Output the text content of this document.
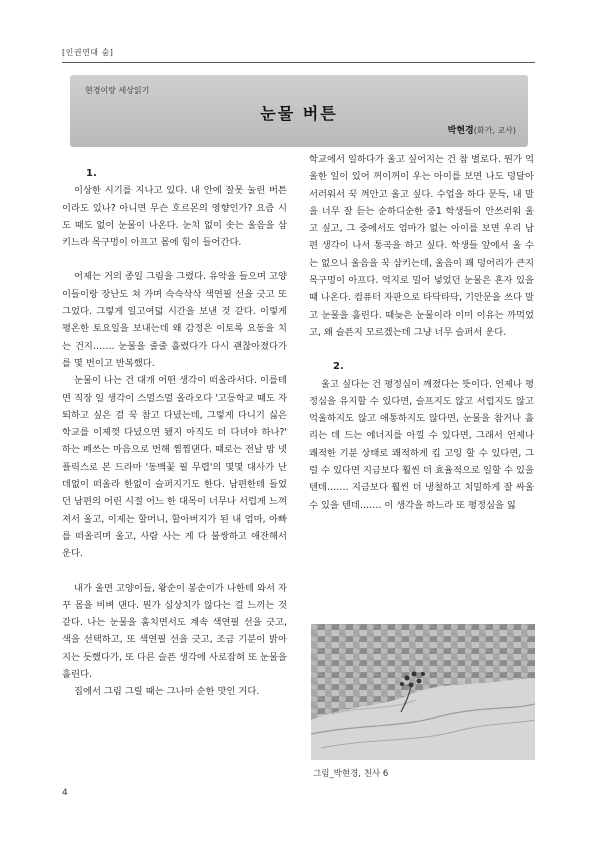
[인권연대 숨]
현경이랑 세상읽기
눈물 버튼
박현경(화가, 교사)

1.

이상한 시기를 지나고 있다. 내 안에 잘못 눌린 버튼이라도 있나? 아니면 무슨 호르몬의 영향인가? 요즘 시도 때도 없이 눈물이 나온다. 눈치 없이 솟는 울음을 삼키느라 목구멍이 아프고 몸에 힘이 들어간다.

어제는 거의 종일 그림을 그렸다. 유악을 들으며 고양이들이랑 장난도 쳐 가며 슥슥삭삭 색연필 선을 긋고 또 그었다. 그렇게 일고여덟 시간을 보낸 것 같다. 이렇게 평온한 토요일을 보내는데 왜 감정은 이토록 요동을 치는 건지……. 눈물을 줄줄 흘렸다가 다시 괜찮아졌다가를 몇 번이고 반복했다.

눈물이 나는 건 대개 어떤 생각이 떠올라서다. 이를테면 직장 일 생각이 스멀스멀 올라오다 '고등학교 때도 자퇴하고 싶은 걸 꾹 참고 다녔는데, 그렇게 다니기 싫은 학교를 이제껏 다녔으면 됐지 아직도 더 다녀야 하나?' 하는 페쓰는 마음으로 번해 찜찜댄다. 때로는 전날 밤 넷플릭스로 본 드라마 '동백꽃 필 무렵'의 몇몇 대사가 난데없이 떠올라 한없이 슬퍼지기도 한다. 남편한테 들었던 남편의 어린 시절 어느 한 대목이 너무나 서럽게 느껴져서 울고, 이제는 할머니, 할아버지가 된 내 엄마, 아빠를 떠올리며 울고, 사람 사는 게 다 불쌍하고 애잔해서 운다.

내가 울면 고양이들, 왕순이 봉순이가 나한테 와서 자꾸 몸을 비벼 댄다. 뭔가 심상치가 않다는 걸 느끼는 것 같다. 나는 눈물을 훔치면서도 계속 색연필 선을 긋고, 색을 선택하고, 또 색연필 선을 긋고, 조금 기분이 밝아지는 듯했다가, 또 다른 슬픈 생각에 사로잡혀 또 눈물을 흘린다.

집에서 그림 그릴 때는 그나마 순한 맛인 거다.

학교에서 일하다가 울고 싶어지는 건 참 별로다. 뭔가 억울한 일이 있어 꺼이꺼이 우는 아이를 보면 나도 덩달아 서러워서 꾹 껴안고 울고 싶다. 수업을 하다 문득, 내 말을 너무 잘 듣는 순하디순한 중1 학생들이 안쓰러워 울고 싶고, 그 중에서도 엄마가 없는 아이를 보면 우리 남편 생각이 나서 통곡을 하고 싶다. 학생들 앞에서 울 수는 없으니 울음을 꾹 삼키는데, 울음이 꽤 덩어리가 큰지 목구멍이 아프다. 억지로 밀어 넣었던 눈물은 혼자 있을 때 나온다. 컴퓨터 자판으로 타닥타닥, 기안문을 쓰다 말고 눈물을 흘린다. 때늦은 눈물이라 이미 이유는 까먹었고, 왜 슬픈지 모르겠는데 그냥 너무 슬퍼서 운다.

2.

울고 싶다는 건 평정심이 깨졌다는 뜻이다. 언제나 평정심을 유지할 수 있다면, 슬프지도 않고 서럽지도 않고 억울하지도 않고 애통하지도 않다면, 눈물을 참거나 흘리는 데 드는 에너지를 아낄 수 있다면, 그래서 언제나 쾌적한 기분 상태로 쾌적하게 킵 고잉 할 수 있다면, 그럴 수 있다면 지금보다 훨씬 더 효율적으로 일할 수 있을 텐데……. 지금보다 훨씬 더 냉철하고 치밀하게 잘 싸울 수 있을 텐데……. 이 생각을 하느라 또 평정심을 잃

그림_박현경, 천사 6
4
